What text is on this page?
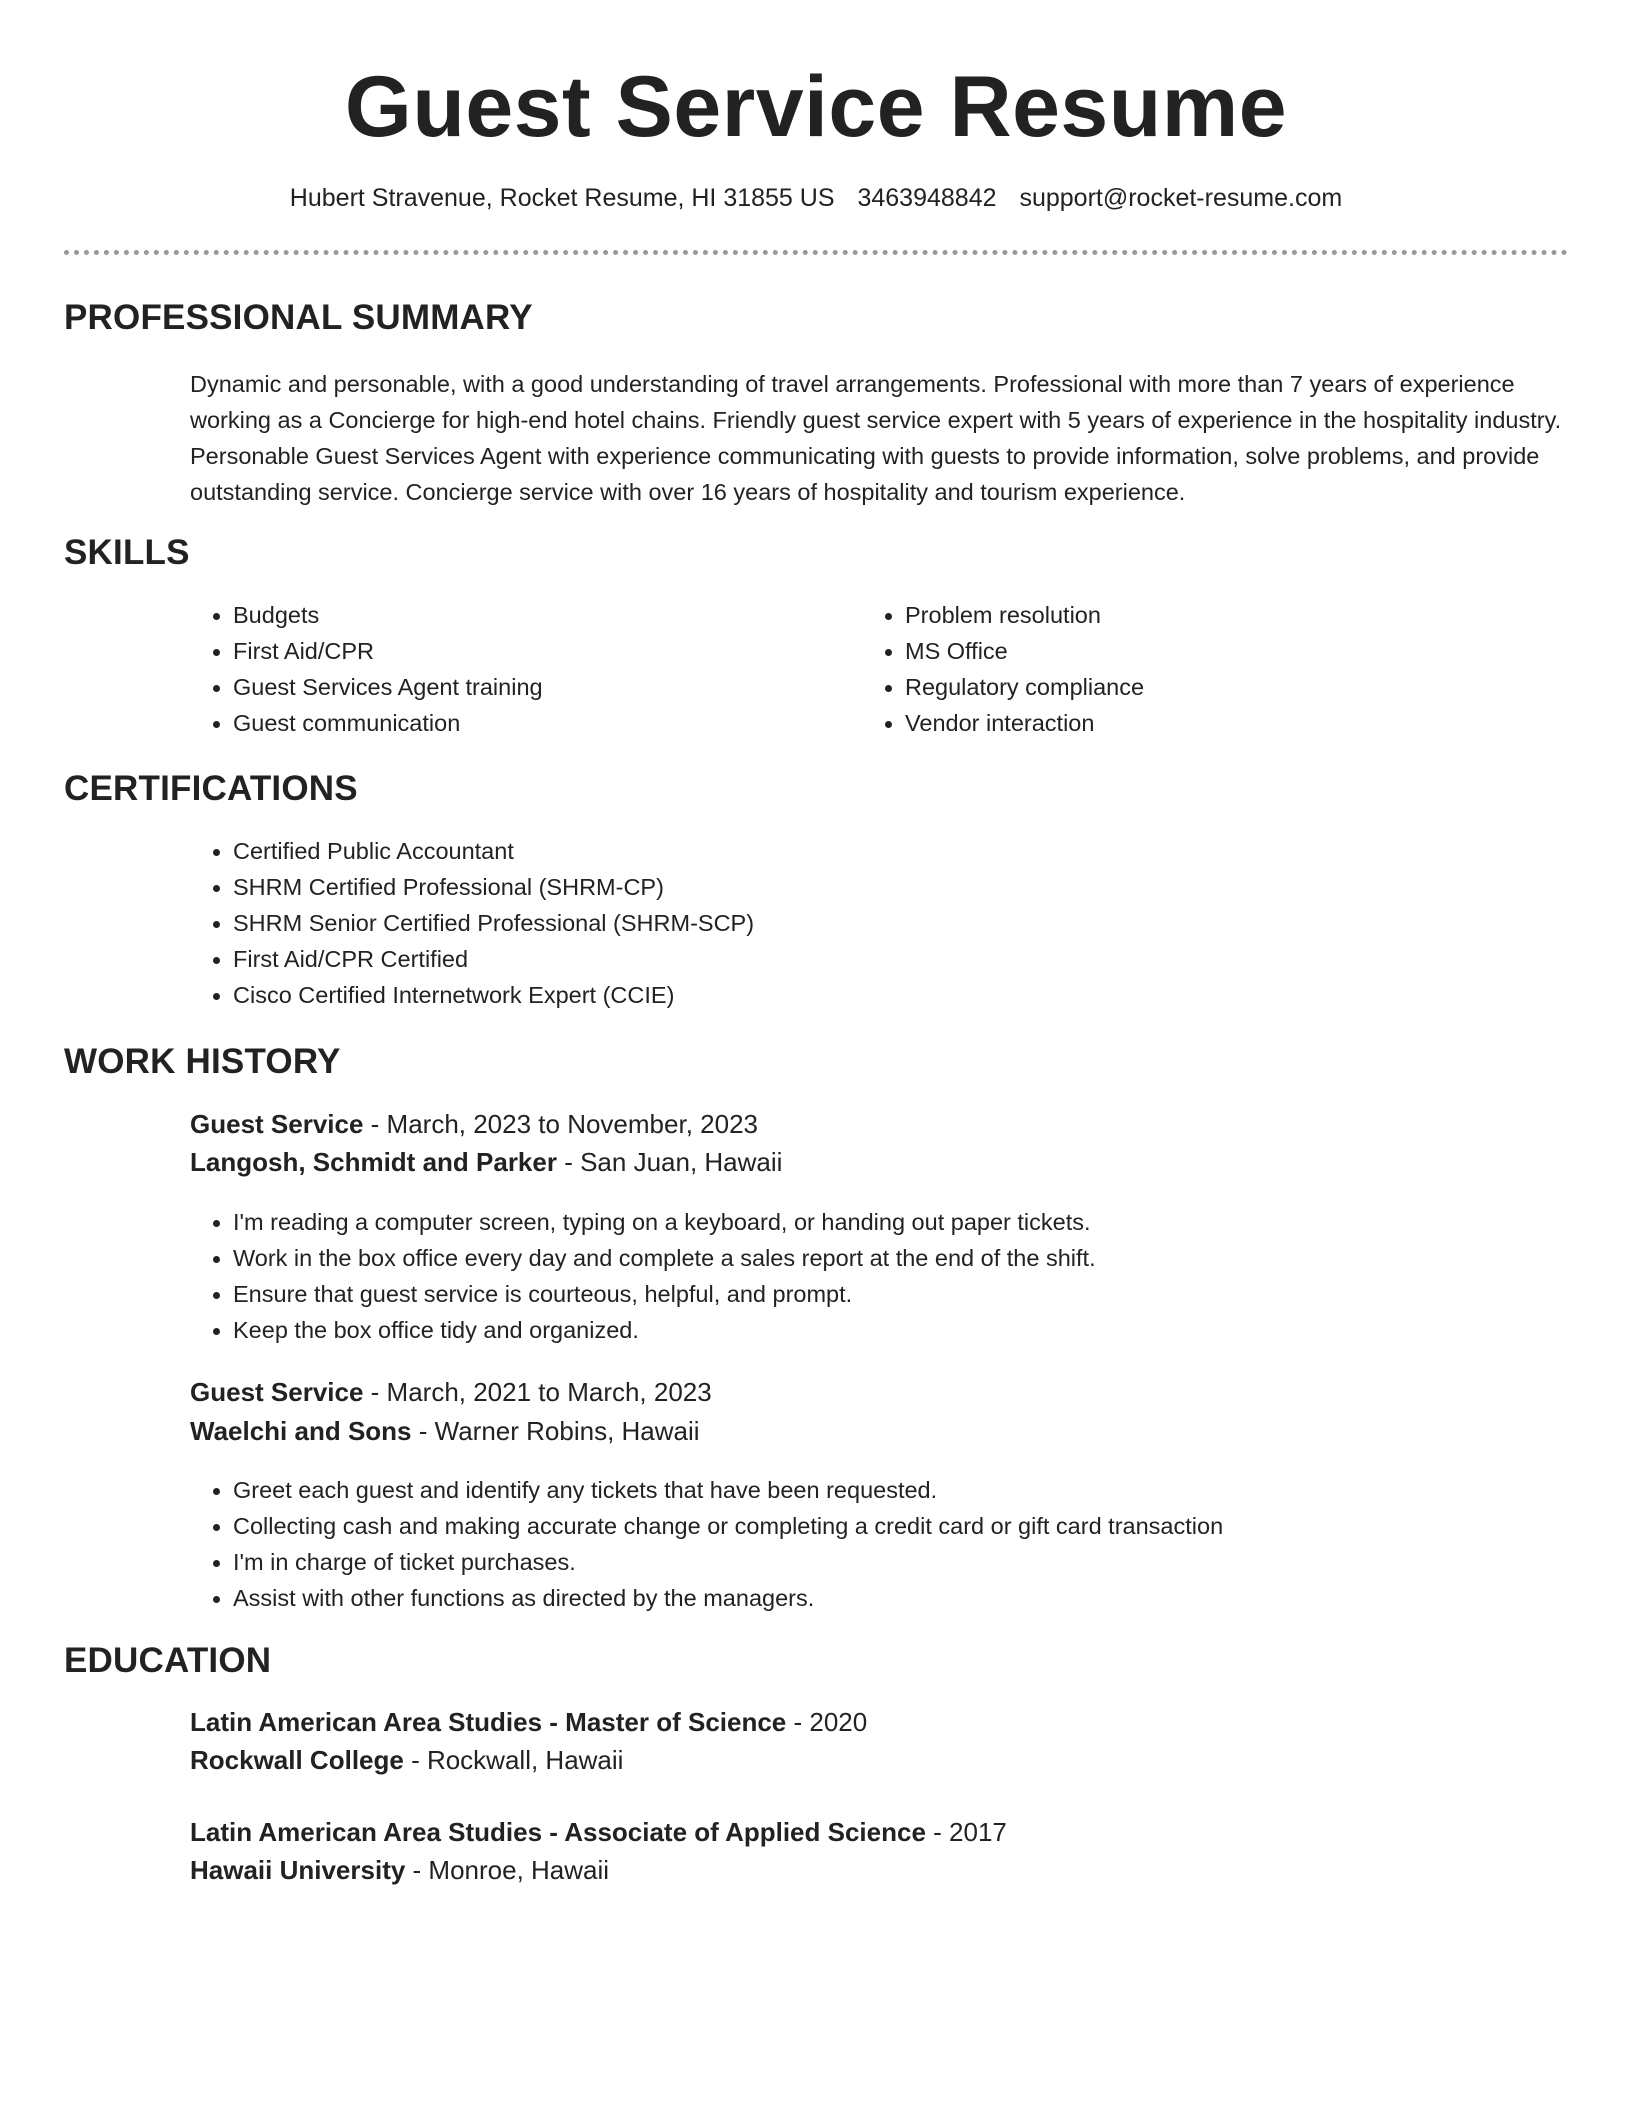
Guest Service Resume
Hubert Stravenue, Rocket Resume, HI 31855 US 3463948842 support@rocket-resume.com
PROFESSIONAL SUMMARY

Dynamic and personable, with a good understanding of travel arrangements. Professional with more than 7 years of experience working as a Concierge for high-end hotel chains. Friendly guest service expert with 5 years of experience in the hospitality industry. Personable Guest Services Agent with experience communicating with guests to provide information, solve problems, and provide outstanding service. Concierge service with over 16 years of hospitality and tourism experience.

SKILLS
• Budgets
• First Aid/CPR
• Guest Services Agent training
• Guest communication
• Problem resolution
• MS Office
• Regulatory compliance
• Vendor interaction
CERTIFICATIONS
• Certified Public Accountant
• SHRM Certified Professional (SHRM-CP)
• SHRM Senior Certified Professional (SHRM-SCP)
• First Aid/CPR Certified
• Cisco Certified Internetwork Expert (CCIE)
WORK HISTORY
Guest Service - March, 2023 to November, 2023
Langosh, Schmidt and Parker - San Juan, Hawaii
• I'm reading a computer screen, typing on a keyboard, or handing out paper tickets.
• Work in the box office every day and complete a sales report at the end of the shift.
• Ensure that guest service is courteous, helpful, and prompt.
• Keep the box office tidy and organized.
Guest Service - March, 2021 to March, 2023
Waelchi and Sons - Warner Robins, Hawaii
• Greet each guest and identify any tickets that have been requested.
• Collecting cash and making accurate change or completing a credit card or gift card transaction
• I'm in charge of ticket purchases.
• Assist with other functions as directed by the managers.
EDUCATION
Latin American Area Studies - Master of Science - 2020
Rockwall College - Rockwall, Hawaii
Latin American Area Studies - Associate of Applied Science - 2017
Hawaii University - Monroe, Hawaii
